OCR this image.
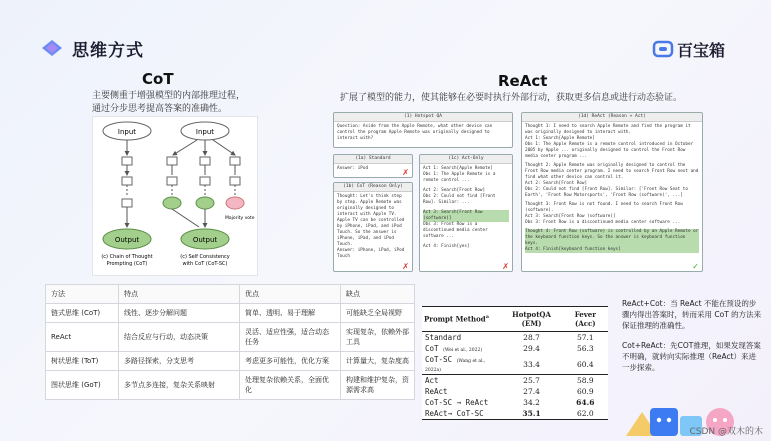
思维方式	百宝箱
CoT
主要侧重于增强模型的内部推理过程，
通过分步思考提高答案的准确性。
Input
Output
(c) Chain of Thought
Prompting (CoT)
Input
Majority vote
Output
(c) Self Consistency
with CoT (CoT-SC)
ReAct
扩展了模型的能力，使其能够在必要时执行外部行动，获取更多信息或进行动态验证。
(1) Hotspot QA
Question: Aside from the Apple Remote, what other device can control the program Apple Remote was originally designed to interact with?
(1a) Standard
Answer: iPod	✗
(1b) CoT (Reason Only)
Thought: Let's think step by step. Apple Remote was originally designed to interact with Apple TV. Apple TV can be controlled by iPhone, iPad, and iPod Touch. So the answer is iPhone, iPad, and iPod Touch.
Answer: iPhone, iPad, iPod Touch
✗
(1c) Act-Only
Act 1: Search[Apple Remote]
Obs 1: The Apple Remote is a remote control ...
Act 2: Search[Front Row]
Obs 2: Could not find [Front Row]. Similar: ...
Act 3: Search[Front Row (software)]
Obs 3: Front Row is a discontinued media center software ...
Act 4: Finish[yes]
✗
(1d) ReAct (Reason + Act)
Thought 1: I need to search Apple Remote and find the program it was originally designed to interact with.
Act 1: Search[Apple Remote]
Obs 1: The Apple Remote is a remote control introduced in October 2005 by Apple ... originally designed to control the Front Row media center program ...
Thought 2: Apple Remote was originally designed to control the Front Row media center program. I need to search Front Row next and find what other device can control it.
Act 2: Search[Front Row]
Obs 2: Could not find [Front Row]. Similar: ['Front Row Seat to Earth', 'Front Row Motorsports', 'Front Row (software)', ...]
Thought 3: Front Row is not found. I need to search Front Row (software).
Act 3: Search[Front Row (software)]
Obs 3: Front Row is a discontinued media center software ...
Thought 4: Front Row (software) is controlled by an Apple Remote or the keyboard function keys. So the answer is keyboard function keys.
Act 4: Finish[keyboard function keys]
✓
方法	特点	优点	缺点
链式思维 (CoT)	线性、逐步分解问题	简单、透明、易于理解	可能缺乏全局视野
ReAct	结合反应与行动，动态决策	灵活、适应性强，适合动态任务	实现复杂，依赖外部工具
树状思维 (ToT)	多路径探索，分支思考	考虑更多可能性，优化方案	计算量大，复杂度高
图状思维 (GoT)	多节点多连接，复杂关系映射	处理复杂依赖关系，全面优化	构建和维护复杂，资源需求高
Prompt Method$^a$	HotpotQA (EM)	Fever (Acc)
Standard	28.7	57.1
CoT (Wei et al., 2022)	29.4	56.3
CoT-SC (Wang et al., 2022a)	33.4	60.4
Act	25.7	58.9
ReAct	27.4	60.9
CoT-SC → ReAct	34.2	64.6
ReAct→ CoT-SC	35.1	62.0
ReAct+Cot：当 ReAct 不能在预设的步骤内得出答案时，转而采用 CoT 的方法来保证推理的准确性。
Cot+ReAct：先COT推理，如果发现答案不明确，就转向实际推理（ReAct）来进一步探索。
CSDN @双木的木
